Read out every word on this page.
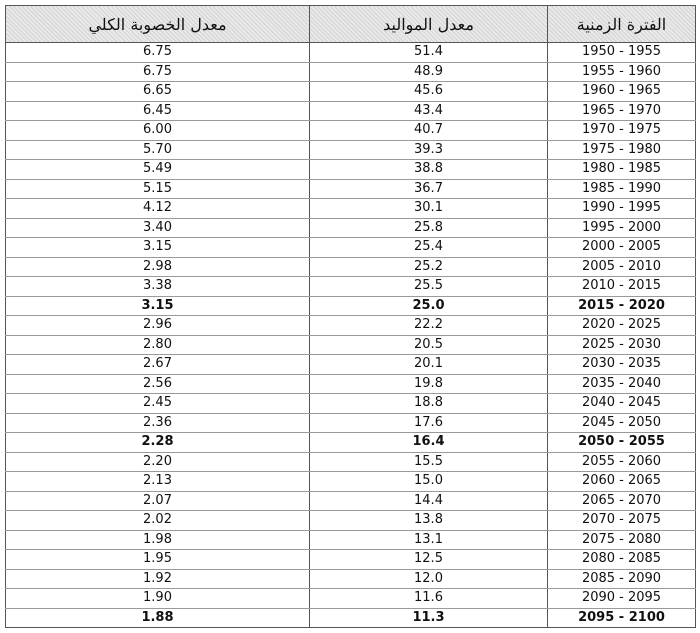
معدل الخصوبة الكلي	معدل المواليد	الفترة الزمنية
6.75	51.4	1950 - 1955
6.75	48.9	1955 - 1960
6.65	45.6	1960 - 1965
6.45	43.4	1965 - 1970
6.00	40.7	1970 - 1975
5.70	39.3	1975 - 1980
5.49	38.8	1980 - 1985
5.15	36.7	1985 - 1990
4.12	30.1	1990 - 1995
3.40	25.8	1995 - 2000
3.15	25.4	2000 - 2005
2.98	25.2	2005 - 2010
3.38	25.5	2010 - 2015
3.15	25.0	2015 - 2020
2.96	22.2	2020 - 2025
2.80	20.5	2025 - 2030
2.67	20.1	2030 - 2035
2.56	19.8	2035 - 2040
2.45	18.8	2040 - 2045
2.36	17.6	2045 - 2050
2.28	16.4	2050 - 2055
2.20	15.5	2055 - 2060
2.13	15.0	2060 - 2065
2.07	14.4	2065 - 2070
2.02	13.8	2070 - 2075
1.98	13.1	2075 - 2080
1.95	12.5	2080 - 2085
1.92	12.0	2085 - 2090
1.90	11.6	2090 - 2095
1.88	11.3	2095 - 2100
